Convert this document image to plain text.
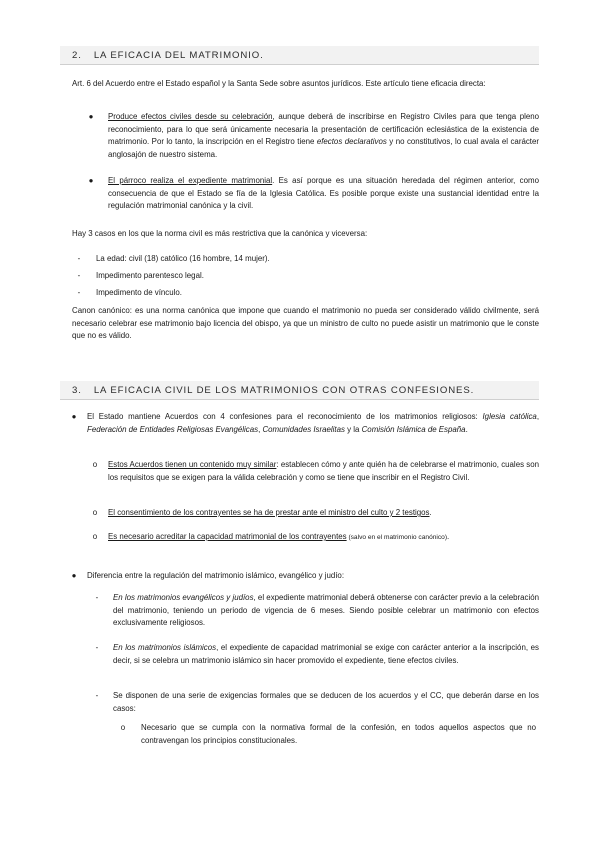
2. LA EFICACIA DEL MATRIMONIO.
Art. 6 del Acuerdo entre el Estado español y la Santa Sede sobre asuntos jurídicos. Este artículo tiene eficacia directa:
●	Produce efectos civiles desde su celebración, aunque deberá de inscribirse en Registro Civiles para que tenga pleno reconocimiento, para lo que será únicamente necesaria la presentación de certificación eclesiástica de la existencia de matrimonio. Por lo tanto, la inscripción en el Registro tiene efectos declarativos y no constitutivos, lo cual avala el carácter anglosajón de nuestro sistema.
●	El párroco realiza el expediente matrimonial. Es así porque es una situación heredada del régimen anterior, como consecuencia de que el Estado se fía de la Iglesia Católica. Es posible porque existe una sustancial identidad entre la regulación matrimonial canónica y la civil.
Hay 3 casos en los que la norma civil es más restrictiva que la canónica y viceversa:
-	La edad: civil (18) católico (16 hombre, 14 mujer).
-	Impedimento parentesco legal.
-	Impedimento de vínculo.
Canon canónico: es una norma canónica que impone que cuando el matrimonio no pueda ser considerado válido civilmente, será necesario celebrar ese matrimonio bajo licencia del obispo, ya que un ministro de culto no puede asistir un matrimonio que le conste que no es válido.
3. LA EFICACIA CIVIL DE LOS MATRIMONIOS CON OTRAS CONFESIONES.
●	El Estado mantiene Acuerdos con 4 confesiones para el reconocimiento de los matrimonios religiosos: Iglesia católica, Federación de Entidades Religiosas Evangélicas, Comunidades Israelitas y la Comisión Islámica de España.
o	Estos Acuerdos tienen un contenido muy similar: establecen cómo y ante quién ha de celebrarse el matrimonio, cuales son los requisitos que se exigen para la válida celebración y como se tiene que inscribir en el Registro Civil.
o	El consentimiento de los contrayentes se ha de prestar ante el ministro del culto y 2 testigos.
o	Es necesario acreditar la capacidad matrimonial de los contrayentes (salvo en el matrimonio canónico).
●	Diferencia entre la regulación del matrimonio islámico, evangélico y judío:
-	En los matrimonios evangélicos y judíos, el expediente matrimonial deberá obtenerse con carácter previo a la celebración del matrimonio, teniendo un periodo de vigencia de 6 meses. Siendo posible celebrar un matrimonio con efectos exclusivamente religiosos.
-	En los matrimonios islámicos, el expediente de capacidad matrimonial se exige con carácter anterior a la inscripción, es decir, si se celebra un matrimonio islámico sin hacer promovido el expediente, tiene efectos civiles.
-	Se disponen de una serie de exigencias formales que se deducen de los acuerdos y el CC, que deberán darse en los casos:
o	Necesario que se cumpla con la normativa formal de la confesión, en todos aquellos aspectos que no contravengan los principios constitucionales.
